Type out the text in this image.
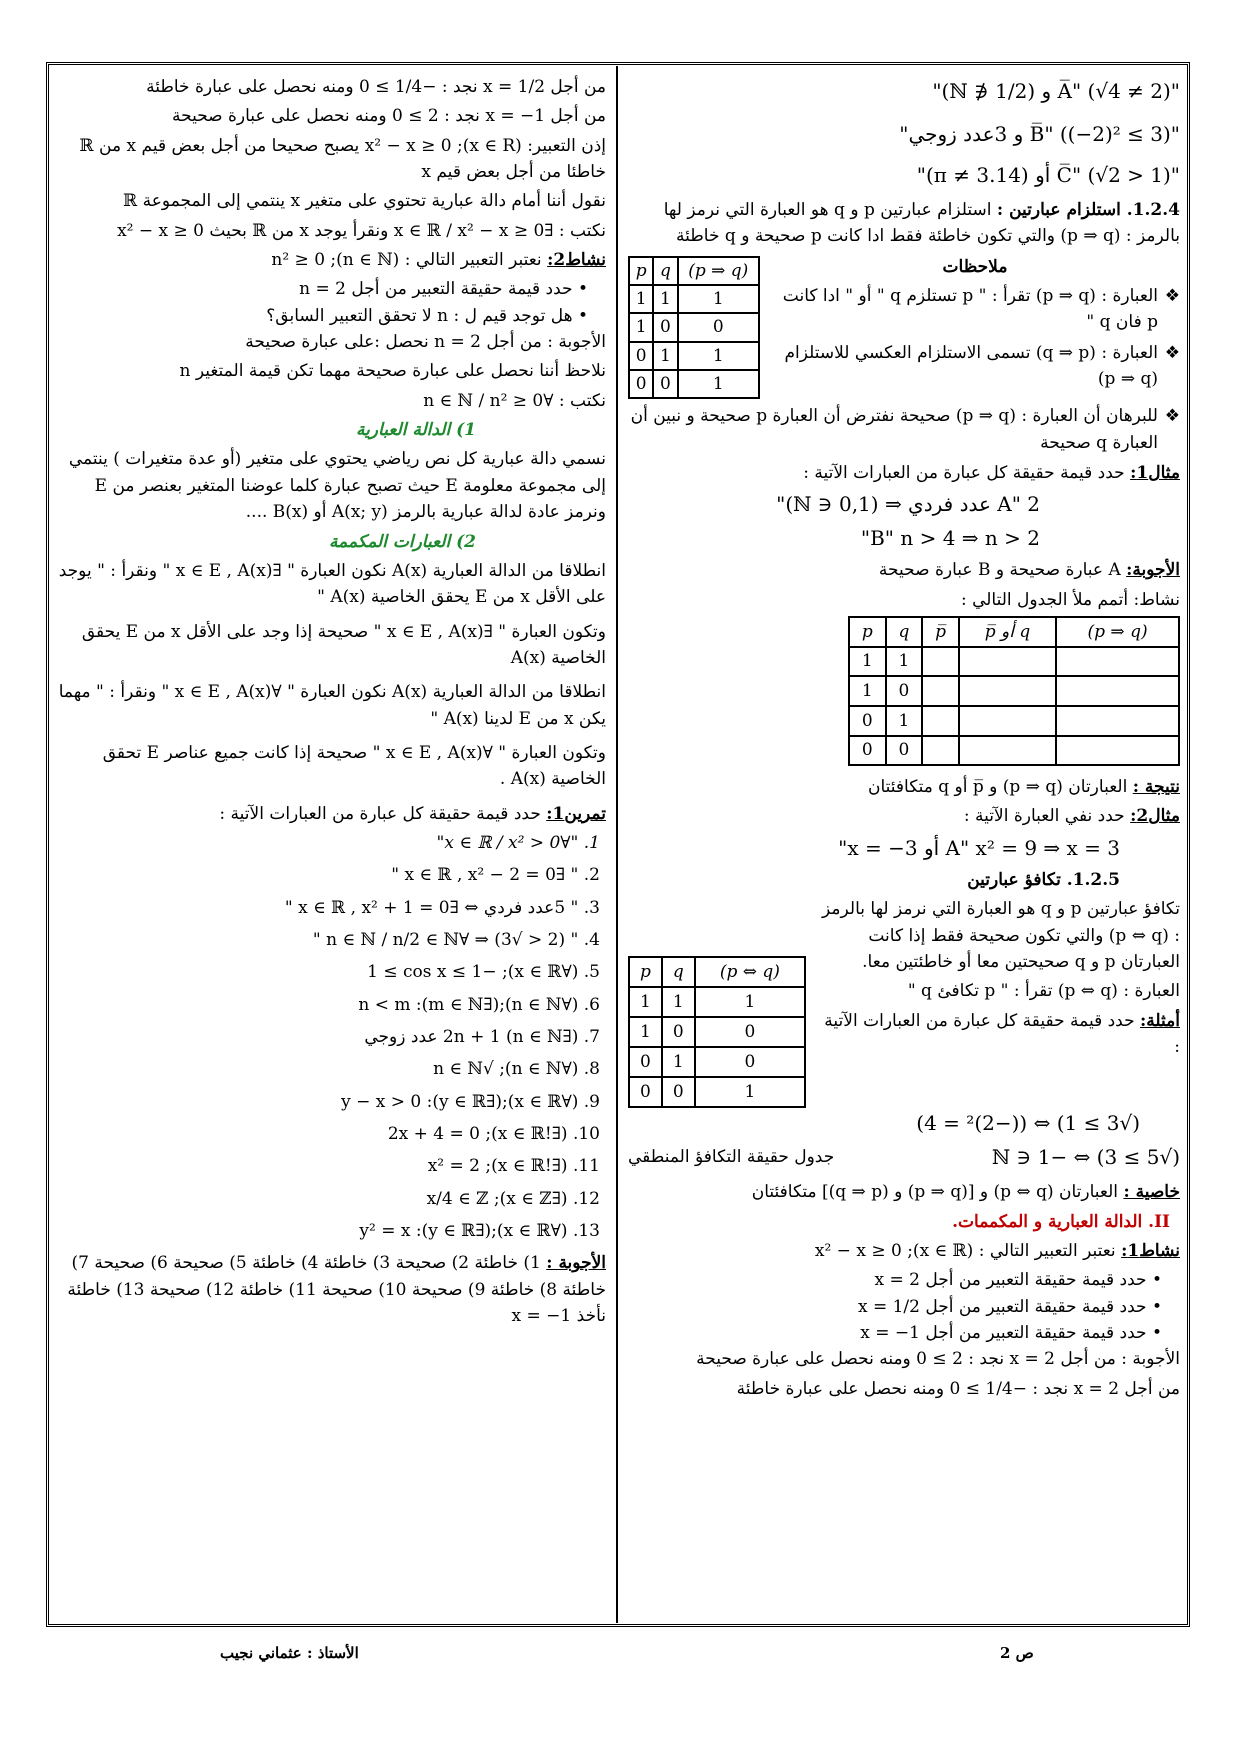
"A̅" (√4 ≠ 2) و (1/2 ∉ ℕ)"

"B̅" ((−2)² ≤ 3) و 3عدد زوجي"

"C̅" (√2 > 1) أو (π ≠ 3.14)"

1.2.4. استلزام عبارتين : استلزام عبارتين p و q هو العبارة التي نرمز لها بالرمز : (p ⇒ q) والتي تكون خاطئة فقط ادا كانت p صحيحة و q خاطئة

ملاحظات

❖ العبارة : (p ⇒ q) تقرأ : " p تستلزم q " أو " ادا كانت p فان q "
❖ العبارة : (q ⇒ p) تسمى الاستلزام العكسي للاستلزام (p ⇒ q)
p	q	(p ⇒ q)
1	1	1
1	0	0
0	1	1
0	0	1
❖ للبرهان أن العبارة : (p ⇒ q) صحيحة نفترض أن العبارة p صحيحة و نبين أن العبارة q صحيحة

مثال1: حدد قيمة حقيقة كل عبارة من العبارات الآتية :

A" 2 عدد فردي ⇒ (0,1 ∈ ℕ)"

B" n > 4 ⇒ n > 2"

الأجوبة: A عبارة صحيحة و B عبارة صحيحة

نشاط: أتمم ملأ الجدول التالي :

p	q	p̅	p̅ أو q	(p ⇒ q)
1	1			
1	0			
0	1			
0	0			

نتيجة : العبارتان (p ⇒ q) و p̅ أو q متكافئتان

مثال2: حدد نفي العبارة الآتية :

A" x² = 9 ⇒ x = 3 أو x = −3"

1.2.5. تكافؤ عبارتين

تكافؤ عبارتين p و q هو العبارة التي نرمز لها بالرمز : (p ⇔ q) والتي تكون صحيحة فقط إذا كانت العبارتان p و q صحيحتين معا أو خاطئتين معا.

العبارة : (p ⇔ q) تقرأ : " p تكافئ q "

أمثلة: حدد قيمة حقيقة كل عبارة من العبارات الآتية :

p	q	(p ⇔ q)
1	1	1
1	0	0
0	1	0
0	0	1

(√3 ≥ 1) ⇔ ((−2)² = 4)

(√5 ≥ 3) ⇔ −1 ∈ ℕ
جدول حقيقة التكافؤ المنطقي

خاصية : العبارتان (p ⇔ q) و [(p ⇒ q) و (q ⇒ p)] متكافئتان

II. الدالة العبارية و المكممات.

نشاط1: نعتبر التعبير التالي : (x ∈ ℝ); x² − x ≥ 0

• حدد قيمة حقيقة التعبير من أجل x = 2
• حدد قيمة حقيقة التعبير من أجل x = 1/2
• حدد قيمة حقيقة التعبير من أجل x = −1

الأجوبة : من أجل x = 2 نجد : 2 ≥ 0 ومنه نحصل على عبارة صحيحة

من أجل x = 2 نجد : −1/4 ≥ 0 ومنه نحصل على عبارة خاطئة

من أجل x = 1/2 نجد : −1/4 ≥ 0 ومنه نحصل على عبارة خاطئة

من أجل x = −1 نجد : 2 ≥ 0 ومنه نحصل على عبارة صحيحة

إذن التعبير: (x ∈ R); x² − x ≥ 0 يصبح صحيحا من أجل بعض قيم x من ℝ خاطئا من أجل بعض قيم x

نقول أننا أمام دالة عبارية تحتوي على متغير x ينتمي إلى المجموعة ℝ

نكتب : ∃x ∈ ℝ / x² − x ≥ 0 ونقرأ يوجد x من ℝ بحيث x² − x ≥ 0

نشاط2: نعتبر التعبير التالي : (n ∈ ℕ); n² ≥ 0

• حدد قيمة حقيقة التعبير من أجل n = 2
• هل توجد قيم ل : n لا تحقق التعبير السابق؟

الأجوبة : من أجل n = 2 نحصل :على عبارة صحيحة

نلاحظ أننا نحصل على عبارة صحيحة مهما تكن قيمة المتغير n

نكتب : ∀n ∈ ℕ / n² ≥ 0

1) الدالة العبارية

نسمي دالة عبارية كل نص رياضي يحتوي على متغير (أو عدة متغيرات ) ينتمي إلى مجموعة معلومة E حيث تصبح عبارة كلما عوضنا المتغير بعنصر من E ونرمز عادة لدالة عبارية بالرمز A(x; y) أو B(x) ....

2) العبارات المكممة

انطلاقا من الدالة العبارية A(x) نكون العبارة " ∃x ∈ E , A(x) " ونقرأ : " يوجد على الأقل x من E يحقق الخاصية A(x) "

وتكون العبارة " ∃x ∈ E , A(x) " صحيحة إذا وجد على الأقل x من E يحقق الخاصية A(x)

انطلاقا من الدالة العبارية A(x) نكون العبارة " ∀x ∈ E , A(x) " ونقرأ : " مهما يكن x من E لدينا A(x) "

وتكون العبارة " ∀x ∈ E , A(x) " صحيحة إذا كانت جميع عناصر E تحقق الخاصية A(x) .

تمرين1: حدد قيمة حقيقة كل عبارة من العبارات الآتية :

1. "∀x ∈ ℝ / x² > 0"

2. " ∃x ∈ ℝ , x² − 2 = 0 "

3. " 5عدد فردي ⇔ ∃x ∈ ℝ , x² + 1 = 0 "

4. " (2 < √3) ⇒ ∀n ∈ ℕ / n/2 ∈ ℕ "

5. (∀x ∈ ℝ); −1 ≤ cos x ≤ 1

6. (∀n ∈ ℕ);(∃m ∈ ℕ): n < m

7. (∃n ∈ ℕ) 2n + 1 عدد زوجي

8. (∀n ∈ ℕ); √n ∈ ℕ

9. (∀x ∈ ℝ);(∃y ∈ ℝ): y − x > 0

10. (∃!x ∈ ℝ); 2x + 4 = 0

11. (∃!x ∈ ℝ); x² = 2

12. (∃x ∈ ℤ); x/4 ∈ ℤ

13. (∀x ∈ ℝ);(∃y ∈ ℝ): y² = x

الأجوبة : 1) خاطئة 2) صحيحة 3) خاطئة 4) خاطئة 5) صحيحة 6) صحيحة 7) خاطئة 8) خاطئة 9) صحيحة 10) صحيحة 11) خاطئة 12) صحيحة 13) خاطئة نأخذ x = −1

الأستاذ : عثماني نجيب	ص 2
